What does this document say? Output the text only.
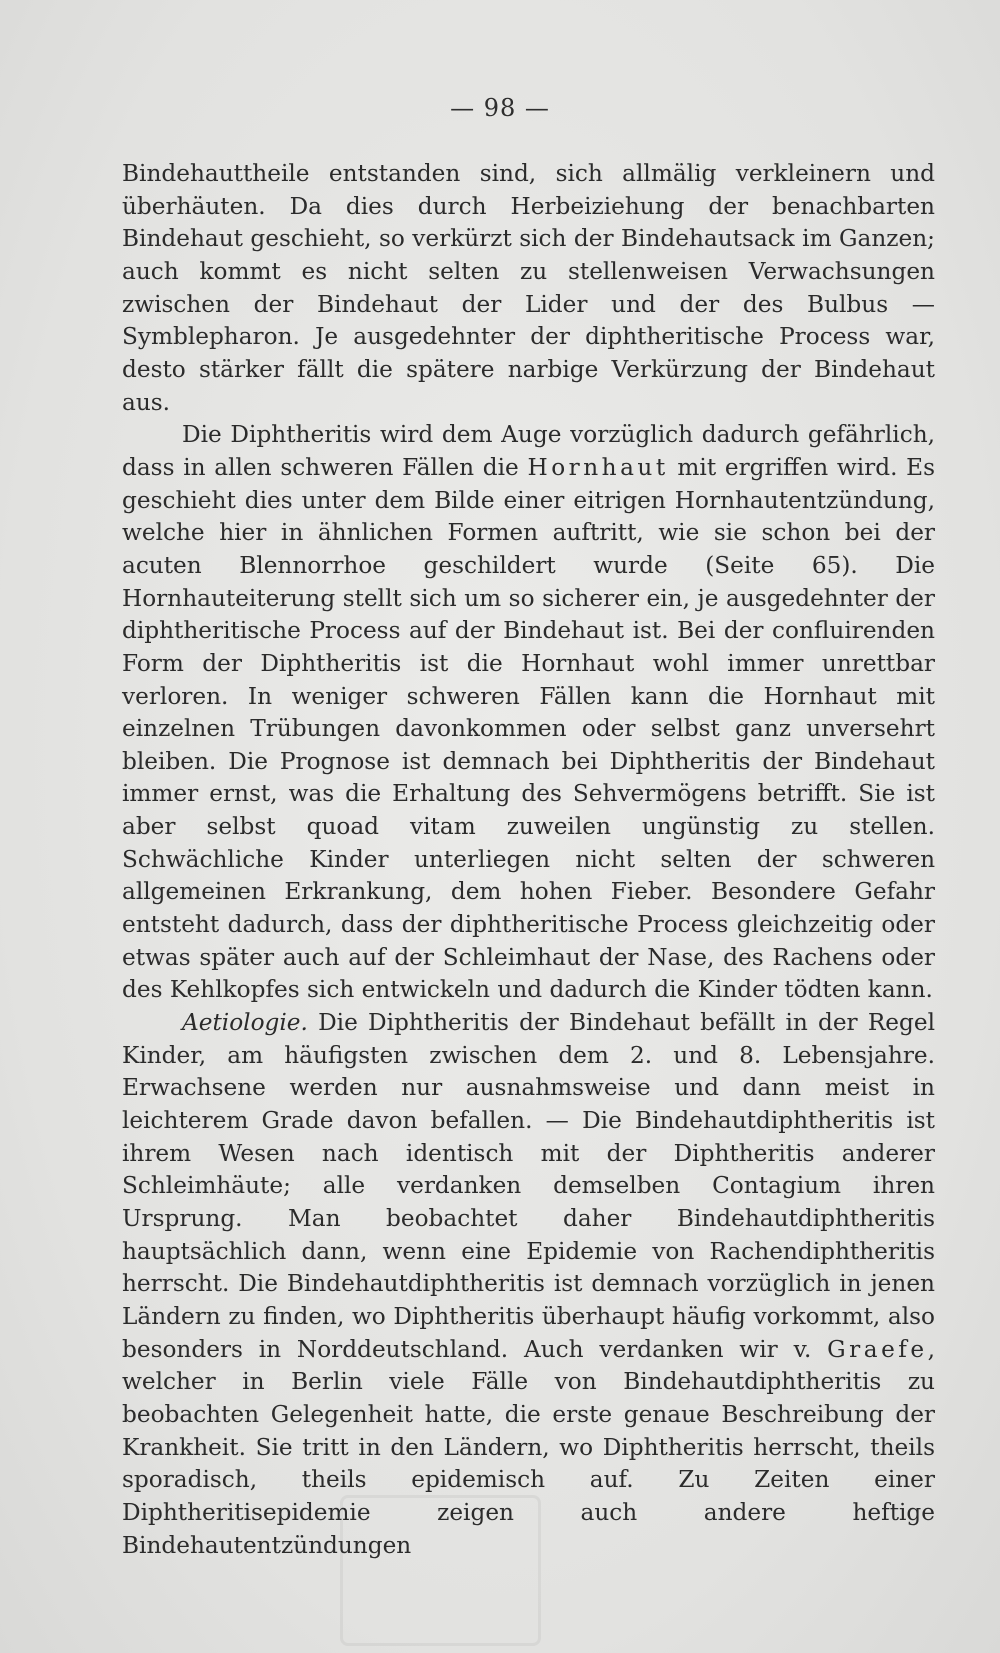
— 98 —

Bindehauttheile entstanden sind, sich allmälig verkleinern und überhäuten. Da dies durch Herbeiziehung der benachbarten Bindehaut geschieht, so verkürzt sich der Bindehautsack im Ganzen; auch kommt es nicht selten zu stellenweisen Verwachsungen zwischen der Bindehaut der Lider und der des Bulbus — Symblepharon. Je ausgedehnter der diphtheritische Process war, desto stärker fällt die spätere narbige Verkürzung der Bindehaut aus.

Die Diphtheritis wird dem Auge vorzüglich dadurch gefährlich, dass in allen schweren Fällen die Hornhaut mit ergriffen wird. Es geschieht dies unter dem Bilde einer eitrigen Hornhautentzündung, welche hier in ähnlichen Formen auftritt, wie sie schon bei der acuten Blennorrhoe geschildert wurde (Seite 65). Die Hornhauteiterung stellt sich um so sicherer ein, je ausgedehnter der diphtheritische Process auf der Bindehaut ist. Bei der confluirenden Form der Diphtheritis ist die Hornhaut wohl immer unrettbar verloren. In weniger schweren Fällen kann die Hornhaut mit einzelnen Trübungen davonkommen oder selbst ganz unversehrt bleiben. Die Prognose ist demnach bei Diphtheritis der Bindehaut immer ernst, was die Erhaltung des Sehvermögens betrifft. Sie ist aber selbst quoad vitam zuweilen ungünstig zu stellen. Schwächliche Kinder unterliegen nicht selten der schweren allgemeinen Erkrankung, dem hohen Fieber. Besondere Gefahr entsteht dadurch, dass der diphtheritische Process gleichzeitig oder etwas später auch auf der Schleimhaut der Nase, des Rachens oder des Kehlkopfes sich entwickeln und dadurch die Kinder tödten kann.

Aetiologie. Die Diphtheritis der Bindehaut befällt in der Regel Kinder, am häufigsten zwischen dem 2. und 8. Lebensjahre. Erwachsene werden nur ausnahmsweise und dann meist in leichterem Grade davon befallen. — Die Bindehautdiphtheritis ist ihrem Wesen nach identisch mit der Diphtheritis anderer Schleimhäute; alle verdanken demselben Contagium ihren Ursprung. Man beobachtet daher Bindehautdiphtheritis hauptsächlich dann, wenn eine Epidemie von Rachendiphtheritis herrscht. Die Bindehautdiphtheritis ist demnach vorzüglich in jenen Ländern zu finden, wo Diphtheritis überhaupt häufig vorkommt, also besonders in Norddeutschland. Auch verdanken wir v. Graefe, welcher in Berlin viele Fälle von Bindehautdiphtheritis zu beobachten Gelegenheit hatte, die erste genaue Beschreibung der Krankheit. Sie tritt in den Ländern, wo Diphtheritis herrscht, theils sporadisch, theils epidemisch auf. Zu Zeiten einer Diphtheritisepidemie zeigen auch andere heftige Bindehautentzündungen
